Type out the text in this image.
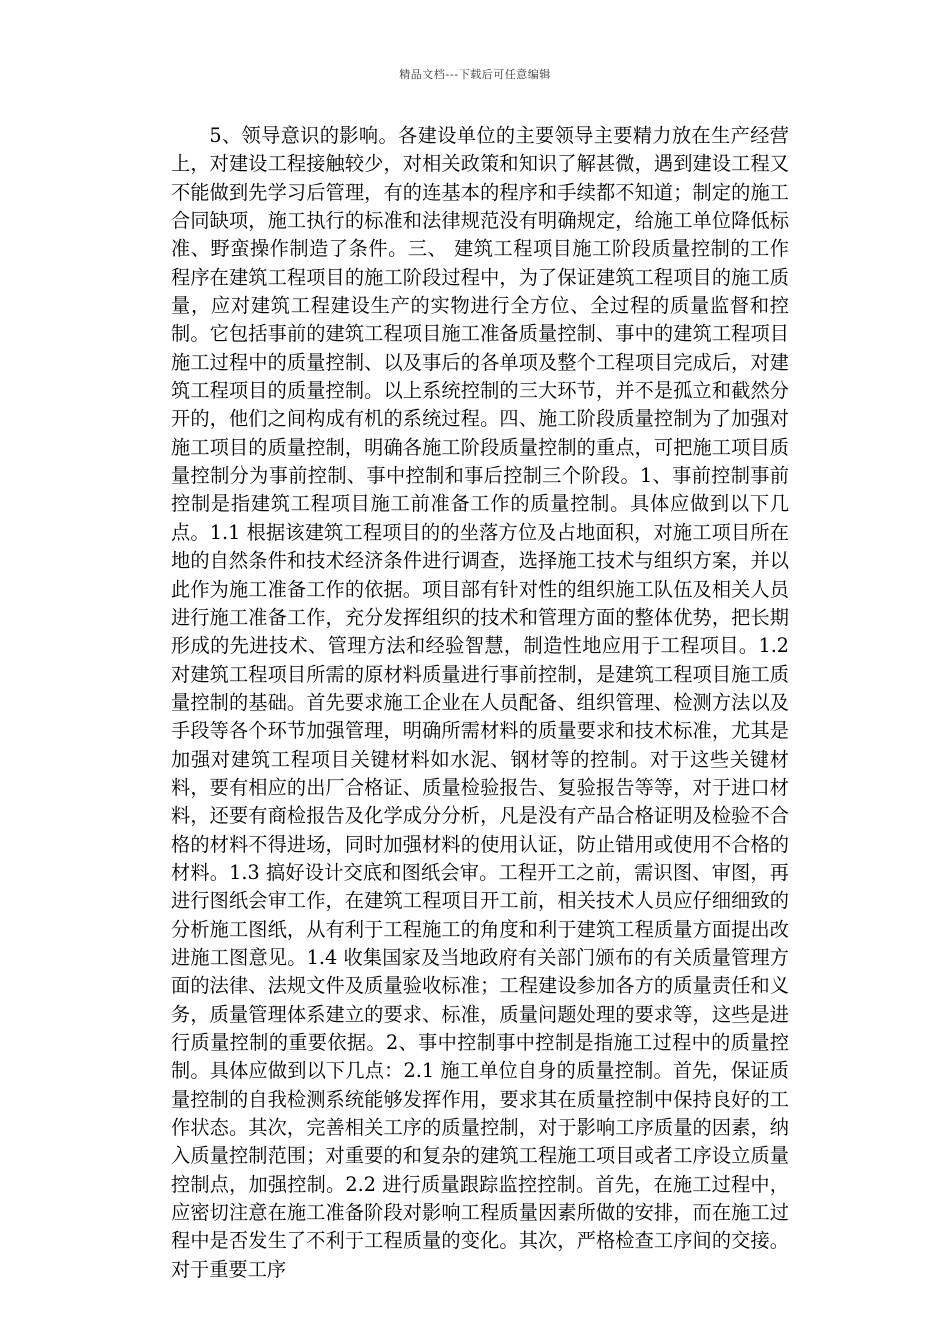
精品文档---下载后可任意编辑

5、领导意识的影响。各建设单位的主要领导主要精力放在生产经营上，对建设工程接触较少，对相关政策和知识了解甚微，遇到建设工程又不能做到先学习后管理，有的连基本的程序和手续都不知道；制定的施工合同缺项，施工执行的标准和法律规范没有明确规定，给施工单位降低标准、野蛮操作制造了条件。三、 建筑工程项目施工阶段质量控制的工作程序在建筑工程项目的施工阶段过程中，为了保证建筑工程项目的施工质量，应对建筑工程建设生产的实物进行全方位、全过程的质量监督和控制。它包括事前的建筑工程项目施工准备质量控制、事中的建筑工程项目施工过程中的质量控制、以及事后的各单项及整个工程项目完成后，对建筑工程项目的质量控制。以上系统控制的三大环节，并不是孤立和截然分开的，他们之间构成有机的系统过程。四、施工阶段质量控制为了加强对施工项目的质量控制，明确各施工阶段质量控制的重点，可把施工项目质量控制分为事前控制、事中控制和事后控制三个阶段。1、事前控制事前控制是指建筑工程项目施工前准备工作的质量控制。具体应做到以下几点。1.1 根据该建筑工程项目的的坐落方位及占地面积，对施工项目所在地的自然条件和技术经济条件进行调查，选择施工技术与组织方案，并以此作为施工准备工作的依据。项目部有针对性的组织施工队伍及相关人员进行施工准备工作，充分发挥组织的技术和管理方面的整体优势，把长期形成的先进技术、管理方法和经验智慧，制造性地应用于工程项目。1.2 对建筑工程项目所需的原材料质量进行事前控制，是建筑工程项目施工质量控制的基础。首先要求施工企业在人员配备、组织管理、检测方法以及手段等各个环节加强管理，明确所需材料的质量要求和技术标准，尤其是加强对建筑工程项目关键材料如水泥、钢材等的控制。对于这些关键材料，要有相应的出厂合格证、质量检验报告、复验报告等等，对于进口材料，还要有商检报告及化学成分分析，凡是没有产品合格证明及检验不合格的材料不得进场，同时加强材料的使用认证，防止错用或使用不合格的材料。1.3 搞好设计交底和图纸会审。工程开工之前，需识图、审图，再进行图纸会审工作，在建筑工程项目开工前，相关技术人员应仔细细致的分析施工图纸，从有利于工程施工的角度和利于建筑工程质量方面提出改进施工图意见。1.4 收集国家及当地政府有关部门颁布的有关质量管理方面的法律、法规文件及质量验收标准；工程建设参加各方的质量责任和义务，质量管理体系建立的要求、标准，质量问题处理的要求等，这些是进行质量控制的重要依据。2、事中控制事中控制是指施工过程中的质量控制。具体应做到以下几点：2.1 施工单位自身的质量控制。首先，保证质量控制的自我检测系统能够发挥作用，要求其在质量控制中保持良好的工作状态。其次，完善相关工序的质量控制，对于影响工序质量的因素，纳入质量控制范围；对重要的和复杂的建筑工程施工项目或者工序设立质量控制点，加强控制。2.2 进行质量跟踪监控控制。首先，在施工过程中，应密切注意在施工准备阶段对影响工程质量因素所做的安排，而在施工过程中是否发生了不利于工程质量的变化。其次，严格检查工序间的交接。对于重要工序
